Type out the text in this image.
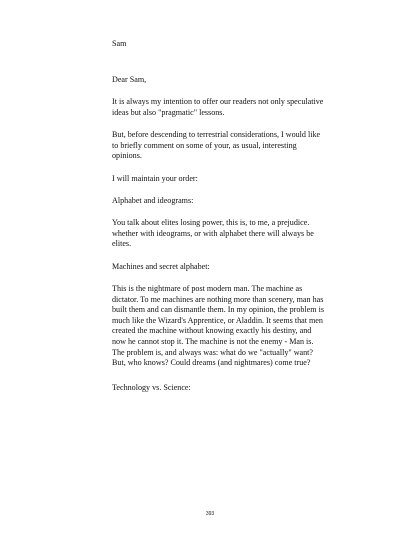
Sam

Dear Sam,

It is always my intention to offer our readers not only speculative ideas but also "pragmatic" lessons.

But, before descending to terrestrial considerations, I would like to briefly comment on some of your, as usual, interesting opinions.

I will maintain your order:

Alphabet and ideograms:

You talk about elites losing power, this is, to me, a prejudice. whether with ideograms, or with alphabet there will always be elites.

Machines and secret alphabet:

This is the nightmare of post modern man. The machine as dictator. To me machines are nothing more than scenery, man has built them and can dismantle them. In my opinion, the problem is much like the Wizard's Apprentice, or Aladdin. It seems that men created the machine without knowing exactly his destiny, and now he cannot stop it. The machine is not the enemy - Man is. The problem is, and always was: what do we "actually" want? But, who knows? Could dreams (and nightmares) come true?

Technology vs. Science:

393
